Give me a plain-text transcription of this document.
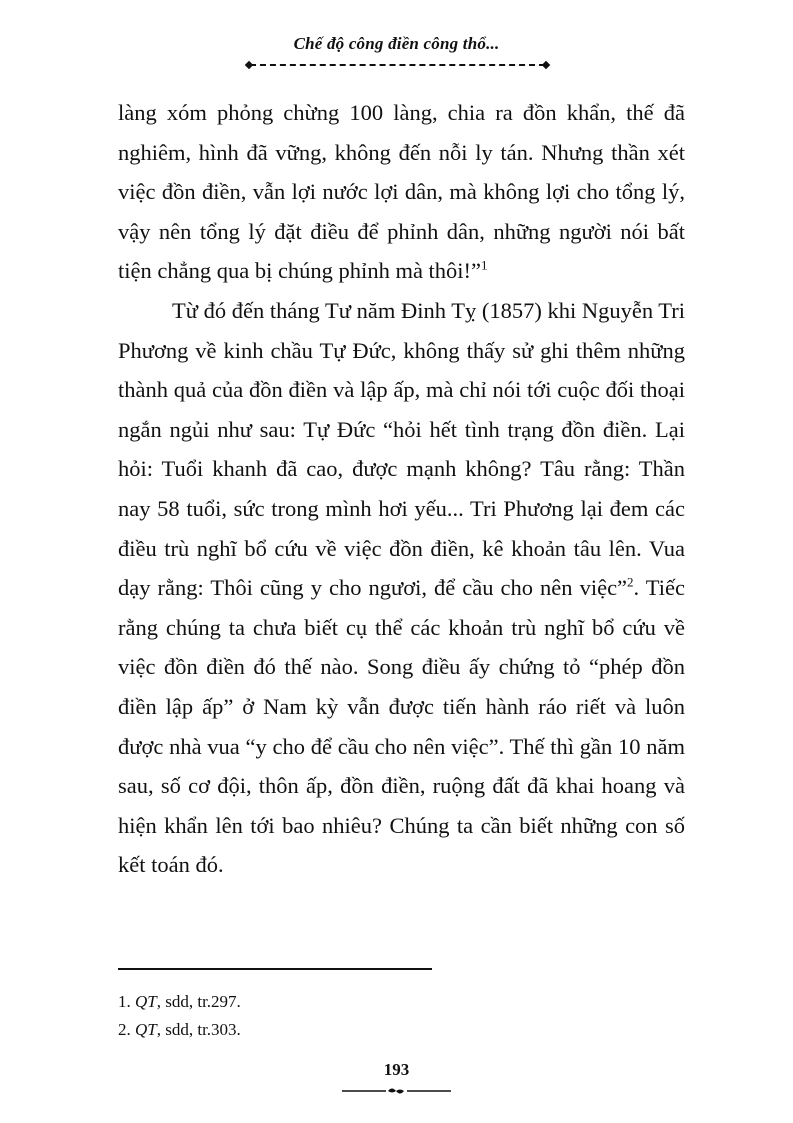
Chế độ công điền công thổ...

làng xóm phỏng chừng 100 làng, chia ra đồn khẩn, thế đã nghiêm, hình đã vững, không đến nỗi ly tán. Nhưng thần xét việc đồn điền, vẫn lợi nước lợi dân, mà không lợi cho tổng lý, vậy nên tổng lý đặt điều để phỉnh dân, những người nói bất tiện chẳng qua bị chúng phỉnh mà thôi!”$^1$

Từ đó đến tháng Tư năm Đinh Tỵ (1857) khi Nguyễn Tri Phương về kinh chầu Tự Đức, không thấy sử ghi thêm những thành quả của đồn điền và lập ấp, mà chỉ nói tới cuộc đối thoại ngắn ngủi như sau: Tự Đức “hỏi hết tình trạng đồn điền. Lại hỏi: Tuổi khanh đã cao, được mạnh không? Tâu rằng: Thần nay 58 tuổi, sức trong mình hơi yếu... Tri Phương lại đem các điều trù nghĩ bổ cứu về việc đồn điền, kê khoản tâu lên. Vua dạy rằng: Thôi cũng y cho ngươi, để cầu cho nên việc”$^2$. Tiếc rằng chúng ta chưa biết cụ thể các khoản trù nghĩ bổ cứu về việc đồn điền đó thế nào. Song điều ấy chứng tỏ “phép đồn điền lập ấp” ở Nam kỳ vẫn được tiến hành ráo riết và luôn được nhà vua “y cho để cầu cho nên việc”. Thế thì gần 10 năm sau, số cơ đội, thôn ấp, đồn điền, ruộng đất đã khai hoang và hiện khẩn lên tới bao nhiêu? Chúng ta cần biết những con số kết toán đó.

1. QT, sdd, tr.297.
2. QT, sdd, tr.303.
193
